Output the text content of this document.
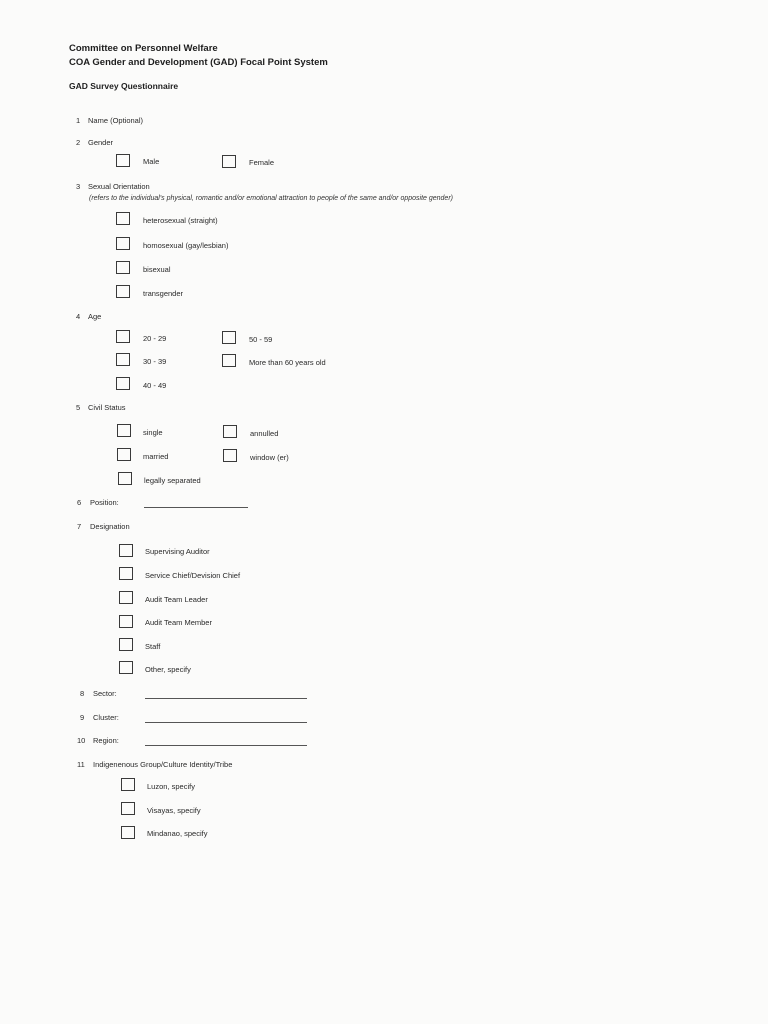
Committee on Personnel Welfare
COA Gender and Development (GAD) Focal Point System
GAD Survey Questionnaire
1 Name (Optional)
2 Gender
Male	Female
3 Sexual Orientation
(refers to the individual's physical, romantic and/or emotional attraction to people of the same and/or opposite gender)
heterosexual (straight)
homosexual (gay/lesbian)
bisexual
transgender
4 Age
20 - 29	50 - 59
30 - 39	More than 60 years old
40 - 49
5 Civil Status
single	annulled
married	window (er)
legally separated
6 Position:
7 Designation
Supervising Auditor
Service Chief/Devision Chief
Audit Team Leader
Audit Team Member
Staff
Other, specify
8 Sector:
9 Cluster:
10 Region:
11 Indigenenous Group/Culture Identity/Tribe
Luzon, specify
Visayas, specify
Mindanao, specify
